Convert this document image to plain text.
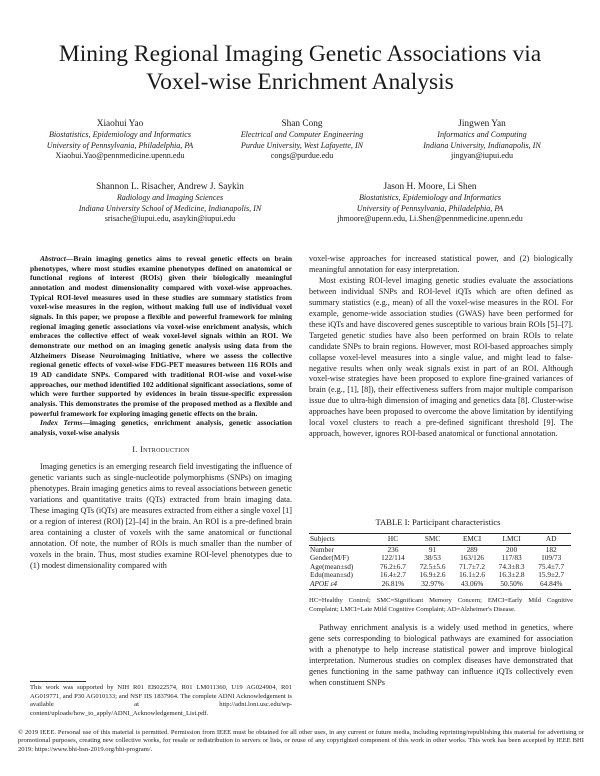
Mining Regional Imaging Genetic Associations via
Voxel-wise Enrichment Analysis
Xiaohui Yao
Biostatistics, Epidemiology and Informatics
University of Pennsylvania, Philadelphia, PA
Xiaohui.Yao@pennmedicine.upenn.edu
Shan Cong
Electrical and Computer Engineering
Purdue University, West Lafayette, IN
congs@purdue.edu
Jingwen Yan
Informatics and Computing
Indiana University, Indianapolis, IN
jingyan@iupui.edu
Shannon L. Risacher, Andrew J. Saykin
Radiology and Imaging Sciences
Indiana University School of Medicine, Indianapolis, IN
srisache@iupui.edu, asaykin@iupui.edu
Jason H. Moore, Li Shen
Biostatistics, Epidemiology and Informatics
University of Pennsylvania, Philadelphia, PA
jhmoore@upenn.edu, Li.Shen@pennmedicine.upenn.edu

Abstract—Brain imaging genetics aims to reveal genetic effects on brain phenotypes, where most studies examine phenotypes defined on anatomical or functional regions of interest (ROIs) given their biologically meaningful annotation and modest dimensionality compared with voxel-wise approaches. Typical ROI-level measures used in these studies are summary statistics from voxel-wise measures in the region, without making full use of individual voxel signals. In this paper, we propose a flexible and powerful framework for mining regional imaging genetic associations via voxel-wise enrichment analysis, which embraces the collective effect of weak voxel-level signals within an ROI. We demonstrate our method on an imaging genetic analysis using data from the Alzheimers Disease Neuroimaging Initiative, where we assess the collective regional genetic effects of voxel-wise FDG-PET measures between 116 ROIs and 19 AD candidate SNPs. Compared with traditional ROI-wise and voxel-wise approaches, our method identified 102 additional significant associations, some of which were further supported by evidences in brain tissue-specific expression analysis. This demonstrates the promise of the proposed method as a flexible and powerful framework for exploring imaging genetic effects on the brain.

Index Terms—imaging genetics, enrichment analysis, genetic association analysis, voxel-wise analysis

I. Introduction

Imaging genetics is an emerging research field investigating the influence of genetic variants such as single-nucleotide polymorphisms (SNPs) on imaging phenotypes. Brain imaging genetics aims to reveal associations between genetic variations and quantitative traits (QTs) extracted from brain imaging data. These imaging QTs (iQTs) are measures extracted from either a single voxel [1] or a region of interest (ROI) [2]–[4] in the brain. An ROI is a pre-defined brain area containing a cluster of voxels with the same anatomical or functional annotation. Of note, the number of ROIs is much smaller than the number of voxels in the brain. Thus, most studies examine ROI-level phenotypes due to (1) modest dimensionality compared with

This work was supported by NIH R01 EB022574, R01 LM011360, U19 AG024904, R01 AG019771, and P30 AG010133; and NSF IIS 1837964. The complete ADNI Acknowledgement is available at http://adni.loni.usc.edu/wp-content/uploads/how_to_apply/ADNI_Acknowledgement_List.pdf.

voxel-wise approaches for increased statistical power, and (2) biologically meaningful annotation for easy interpretation.

Most existing ROI-level imaging genetic studies evaluate the associations between individual SNPs and ROI-level iQTs which are often defined as summary statistics (e.g., mean) of all the voxel-wise measures in the ROI. For example, genome-wide association studies (GWAS) have been performed for these iQTs and have discovered genes susceptible to various brain ROIs [5]–[7]. Targeted genetic studies have also been performed on brain ROIs to relate candidate SNPs to brain regions. However, most ROI-based approaches simply collapse voxel-level measures into a single value, and might lead to false-negative results when only weak signals exist in part of an ROI. Although voxel-wise strategies have been proposed to explore fine-grained variances of brain (e.g., [1], [8]), their effectiveness suffers from major multiple comparison issue due to ultra-high dimension of imaging and genetics data [8]. Cluster-wise approaches have been proposed to overcome the above limitation by identifying local voxel clusters to reach a pre-defined significant threshold [9]. The approach, however, ignores ROI-based anatomical or functional annotation.

TABLE I: Participant characteristics
Subjects	HC	SMC	EMCI	LMCI	AD
Number	236	91	289	200	182
Gender(M/F)	122/114	38/53	163/126	117/83	109/73
Age(mean±sd)	76.2±6.7	72.5±5.6	71.7±7.2	74.3±8.3	75.4±7.7
Edu(mean±sd)	16.4±2.7	16.9±2.6	16.1±2.6	16.3±2.8	15.9±2.7
APOE ε4	26.81%	32.97%	43.06%	50.50%	64.84%
HC=Healthy Control; SMC=Significant Memory Concern; EMCI=Early Mild Cognitive Complaint; LMCI=Late Mild Cognitive Complaint; AD=Alzheimer's Disease.

Pathway enrichment analysis is a widely used method in genetics, where gene sets corresponding to biological pathways are examined for association with a phenotype to help increase statistical power and improve biological interpretation. Numerous studies on complex diseases have demonstrated that genes functioning in the same pathway can influence iQTs collectively even when constituent SNPs

© 2019 IEEE. Personal use of this material is permitted. Permission from IEEE must be obtained for all other uses, in any current or future media, including reprinting/republishing this material for advertising or promotional purposes, creating new collective works, for resale or redistribution to servers or lists, or reuse of any copyrighted component of this work in other works. This work has been accepted by IEEE BHI 2019: https://www.bhi-bsn-2019.org/bhi-program/.
